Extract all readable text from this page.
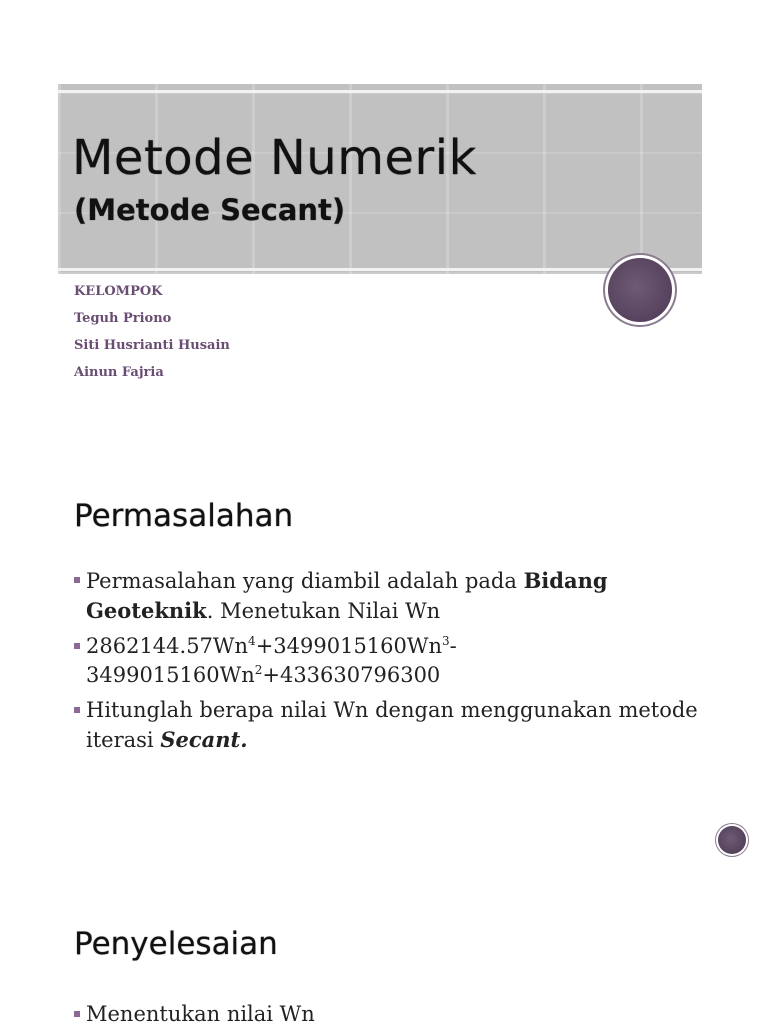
Metode Numerik
(Metode Secant)
KELOMPOK
Teguh Priono
Siti Husrianti Husain
Ainun Fajria
Permasalahan
Permasalahan yang diambil adalah pada Bidang Geoteknik. Menetukan Nilai Wn
$2862144.57Wn^4+3499015160Wn^3-3499015160Wn^2+433630796300$
Hitunglah berapa nilai Wn dengan menggunakan metode iterasi Secant.
Penyelesaian
Menentukan nilai Wn
